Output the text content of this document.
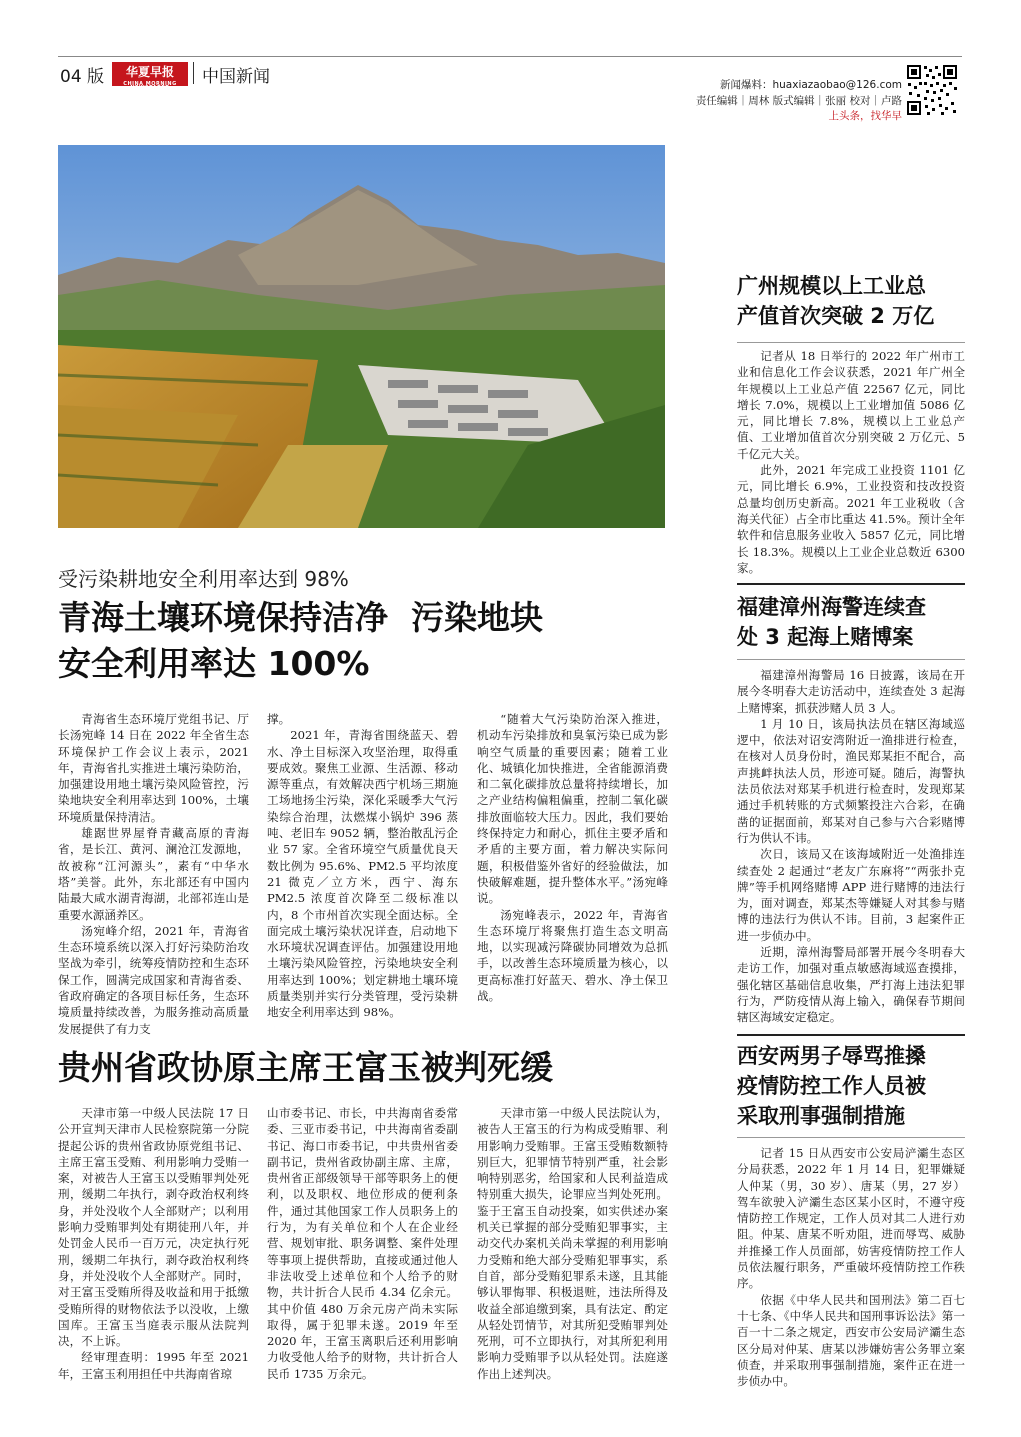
04 版	华夏早报
CHINA MORNING NEWSPAPER
中国新闻	新闻爆料：huaxiazaobao@126.com
责任编辑｜周林 版式编辑｜张丽 校对｜卢路
上头条，找华早
受污染耕地安全利用率达到 98%
青海土壤环境保持洁净  污染地块
安全利用率达 100%

青海省生态环境厅党组书记、厅长汤宛峰 14 日在 2022 年全省生态环境保护工作会议上表示，2021 年，青海省扎实推进土壤污染防治，加强建设用地土壤污染风险管控，污染地块安全利用率达到 100%，土壤环境质量保持清洁。

雄踞世界屋脊青藏高原的青海省，是长江、黄河、澜沧江发源地，故被称“江河源头”，素有“中华水塔”美誉。此外，东北部还有中国内陆最大咸水湖青海湖，北部祁连山是重要水源涵养区。

汤宛峰介绍，2021 年，青海省生态环境系统以深入打好污染防治攻坚战为牵引，统筹疫情防控和生态环保工作，圆满完成国家和青海省委、省政府确定的各项目标任务，生态环境质量持续改善，为服务推动高质量发展提供了有力支

撑。

2021 年，青海省围绕蓝天、碧水、净土目标深入攻坚治理，取得重要成效。聚焦工业源、生活源、移动源等重点，有效解决西宁机场三期施工场地扬尘污染，深化采暖季大气污染综合治理，汰燃煤小锅炉 396 蒸吨、老旧车 9052 辆，整治散乱污企业 57 家。全省环境空气质量优良天数比例为 95.6%、PM2.5 平均浓度 21 微克／立方米，西宁、海东 PM2.5 浓度首次降至二级标准以内，8 个市州首次实现全面达标。全面完成土壤污染状况详查，启动地下水环境状况调查评估。加强建设用地土壤污染风险管控，污染地块安全利用率达到 100%；划定耕地土壤环境质量类别并实行分类管理，受污染耕地安全利用率达到 98%。

“随着大气污染防治深入推进，机动车污染排放和臭氧污染已成为影响空气质量的重要因素；随着工业化、城镇化加快推进，全省能源消费和二氧化碳排放总量将持续增长，加之产业结构偏粗偏重，控制二氧化碳排放面临较大压力。因此，我们要始终保持定力和耐心，抓住主要矛盾和矛盾的主要方面，着力解决实际问题，积极借鉴外省好的经验做法，加快破解难题，提升整体水平。”汤宛峰说。

汤宛峰表示，2022 年，青海省生态环境厅将聚焦打造生态文明高地，以实现减污降碳协同增效为总抓手，以改善生态环境质量为核心，以更高标准打好蓝天、碧水、净土保卫战。

贵州省政协原主席王富玉被判死缓

天津市第一中级人民法院 17 日公开宣判天津市人民检察院第一分院提起公诉的贵州省政协原党组书记、主席王富玉受贿、利用影响力受贿一案，对被告人王富玉以受贿罪判处死刑，缓期二年执行，剥夺政治权利终身，并处没收个人全部财产；以利用影响力受贿罪判处有期徒刑八年，并处罚金人民币一百万元，决定执行死刑，缓期二年执行，剥夺政治权利终身，并处没收个人全部财产。同时，对王富玉受贿所得及收益和用于抵缴受贿所得的财物依法予以没收，上缴国库。王富玉当庭表示服从法院判决，不上诉。

经审理查明：1995 年至 2021 年，王富玉利用担任中共海南省琼

山市委书记、市长，中共海南省委常委、三亚市委书记，中共海南省委副书记、海口市委书记，中共贵州省委副书记，贵州省政协副主席、主席，贵州省正部级领导干部等职务上的便利，以及职权、地位形成的便利条件，通过其他国家工作人员职务上的行为，为有关单位和个人在企业经营、规划审批、职务调整、案件处理等事项上提供帮助，直接或通过他人非法收受上述单位和个人给予的财物，共计折合人民币 4.34 亿余元。其中价值 480 万余元房产尚未实际取得，属于犯罪未遂。2019 年至 2020 年，王富玉离职后还利用影响力收受他人给予的财物，共计折合人民币 1735 万余元。

天津市第一中级人民法院认为，被告人王富玉的行为构成受贿罪、利用影响力受贿罪。王富玉受贿数额特别巨大，犯罪情节特别严重，社会影响特别恶劣，给国家和人民利益造成特别重大损失，论罪应当判处死刑。鉴于王富玉自动投案，如实供述办案机关已掌握的部分受贿犯罪事实，主动交代办案机关尚未掌握的利用影响力受贿和绝大部分受贿犯罪事实，系自首，部分受贿犯罪系未遂，且其能够认罪悔罪、积极退赃，违法所得及收益全部追缴到案，具有法定、酌定从轻处罚情节，对其所犯受贿罪判处死刑，可不立即执行，对其所犯利用影响力受贿罪予以从轻处罚。法庭遂作出上述判决。

广州规模以上工业总
产值首次突破 2 万亿

记者从 18 日举行的 2022 年广州市工业和信息化工作会议获悉，2021 年广州全年规模以上工业总产值 22567 亿元，同比增长 7.0%，规模以上工业增加值 5086 亿元，同比增长 7.8%，规模以上工业总产值、工业增加值首次分别突破 2 万亿元、5 千亿元大关。

此外，2021 年完成工业投资 1101 亿元，同比增长 6.9%，工业投资和技改投资总量均创历史新高。2021 年工业税收（含海关代征）占全市比重达 41.5%。预计全年软件和信息服务业收入 5857 亿元，同比增长 18.3%。规模以上工业企业总数近 6300 家。

福建漳州海警连续查
处 3 起海上赌博案

福建漳州海警局 16 日披露，该局在开展今冬明春大走访活动中，连续查处 3 起海上赌博案，抓获涉赌人员 3 人。

1 月 10 日，该局执法员在辖区海域巡逻中，依法对诏安湾附近一渔排进行检查，在核对人员身份时，渔民郑某拒不配合，高声挑衅执法人员，形迹可疑。随后，海警执法员依法对郑某手机进行检查时，发现郑某通过手机转账的方式频繁投注六合彩，在确凿的证据面前，郑某对自己参与六合彩赌博行为供认不讳。

次日，该局又在该海域附近一处渔排连续查处 2 起通过“老友广东麻将”“两张扑克牌”等手机网络赌博 APP 进行赌博的违法行为，面对调查，郑某杰等嫌疑人对其参与赌博的违法行为供认不讳。目前，3 起案件正进一步侦办中。

近期，漳州海警局部署开展今冬明春大走访工作，加强对重点敏感海域巡查摸排，强化辖区基础信息收集，严打海上违法犯罪行为，严防疫情从海上输入，确保春节期间辖区海域安定稳定。

西安两男子辱骂推搡
疫情防控工作人员被
采取刑事强制措施

记者 15 日从西安市公安局浐灞生态区分局获悉，2022 年 1 月 14 日，犯罪嫌疑人仲某（男，30 岁）、唐某（男，27 岁）驾车欲驶入浐灞生态区某小区时，不遵守疫情防控工作规定，工作人员对其二人进行劝阻。仲某、唐某不听劝阻，进而辱骂、威胁并推搡工作人员面部，妨害疫情防控工作人员依法履行职务，严重破坏疫情防控工作秩序。

依据《中华人民共和国刑法》第二百七十七条、《中华人民共和国刑事诉讼法》第一百一十二条之规定，西安市公安局浐灞生态区分局对仲某、唐某以涉嫌妨害公务罪立案侦查，并采取刑事强制措施，案件正在进一步侦办中。
